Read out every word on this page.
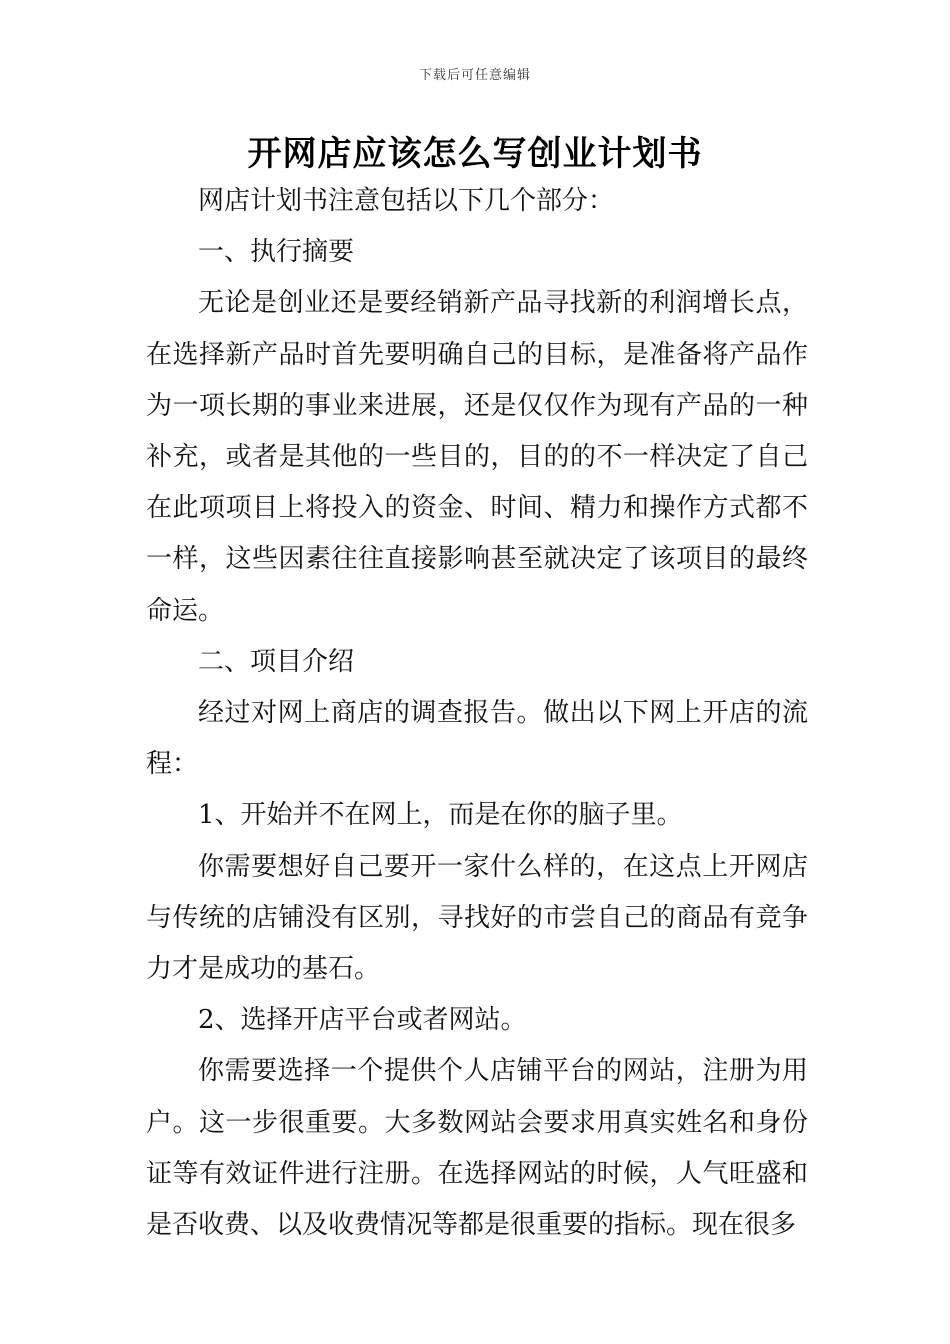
下载后可任意编辑
开网店应该怎么写创业计划书

网店计划书注意包括以下几个部分：

一、执行摘要

无论是创业还是要经销新产品寻找新的利润增长点，在选择新产品时首先要明确自己的目标，是准备将产品作为一项长期的事业来进展，还是仅仅作为现有产品的一种补充，或者是其他的一些目的，目的的不一样决定了自己在此项项目上将投入的资金、时间、精力和操作方式都不一样，这些因素往往直接影响甚至就决定了该项目的最终命运。

二、项目介绍

经过对网上商店的调查报告。做出以下网上开店的流程：

1、开始并不在网上，而是在你的脑子里。

你需要想好自己要开一家什么样的，在这点上开网店与传统的店铺没有区别，寻找好的市尝自己的商品有竞争力才是成功的基石。

2、选择开店平台或者网站。

你需要选择一个提供个人店铺平台的网站，注册为用户。这一步很重要。大多数网站会要求用真实姓名和身份证等有效证件进行注册。在选择网站的时候，人气旺盛和是否收费、以及收费情况等都是很重要的指标。现在很多
